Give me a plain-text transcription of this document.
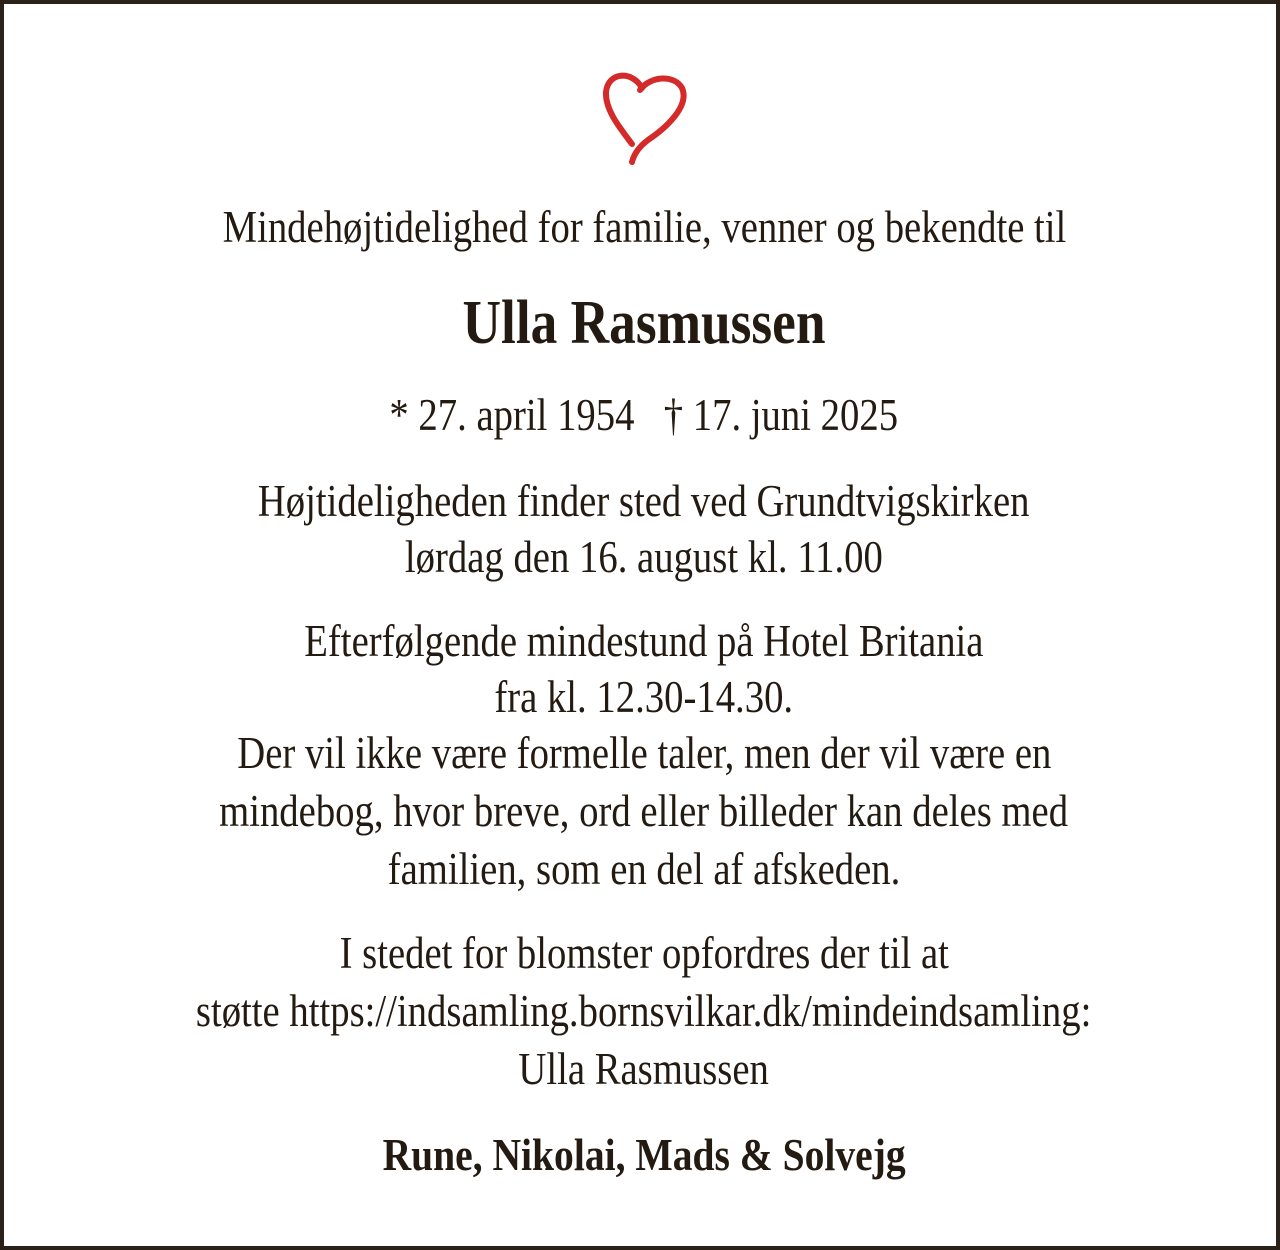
Mindehøjtidelighed for familie, venner og bekendte til
Ulla Rasmussen
* 27. april 1954 † 17. juni 2025
Højtideligheden finder sted ved Grundtvigskirken
lørdag den 16. august kl. 11.00
Efterfølgende mindestund på Hotel Britania
fra kl. 12.30-14.30.
Der vil ikke være formelle taler, men der vil være en
mindebog, hvor breve, ord eller billeder kan deles med
familien, som en del af afskeden.
I stedet for blomster opfordres der til at
støtte https://indsamling.bornsvilkar.dk/mindeindsamling:
Ulla Rasmussen
Rune, Nikolai, Mads & Solvejg
